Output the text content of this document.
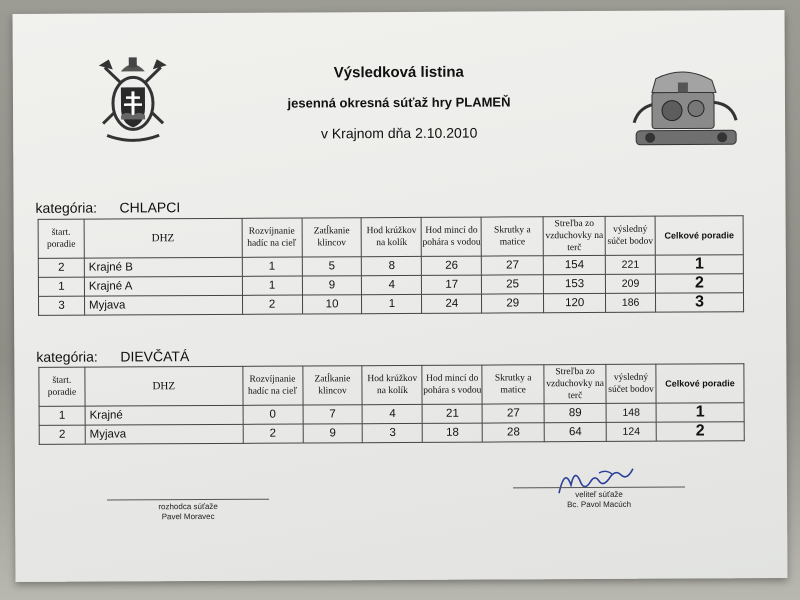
Výsledková listina
jesenná okresná súťaž hry PLAMEŇ
v Krajnom dňa 2.10.2010
kategória: CHLAPCI
štart. poradie	DHZ	Rozvíjnanie hadíc na cieľ	Zatĺkanie klincov	Hod krúžkov na kolík	Hod mincí do pohára s vodou	Skrutky a matice	Streľba zo vzduchovky na terč	výsledný súčet bodov	Celkové poradie
2	Krajné B	1	5	8	26	27	154	221	1
1	Krajné A	1	9	4	17	25	153	209	2
3	Myjava	2	10	1	24	29	120	186	3
kategória: DIEVČATÁ
štart. poradie	DHZ	Rozvíjnanie hadíc na cieľ	Zatĺkanie klincov	Hod krúžkov na kolík	Hod mincí do pohára s vodou	Skrutky a matice	Streľba zo vzduchovky na terč	výsledný súčet bodov	Celkové poradie
1	Krajné	0	7	4	21	27	89	148	1
2	Myjava	2	9	3	18	28	64	124	2
rozhodca súťaže
Pavel Moravec
veliteľ súťaže
Bc. Pavol Macúch
